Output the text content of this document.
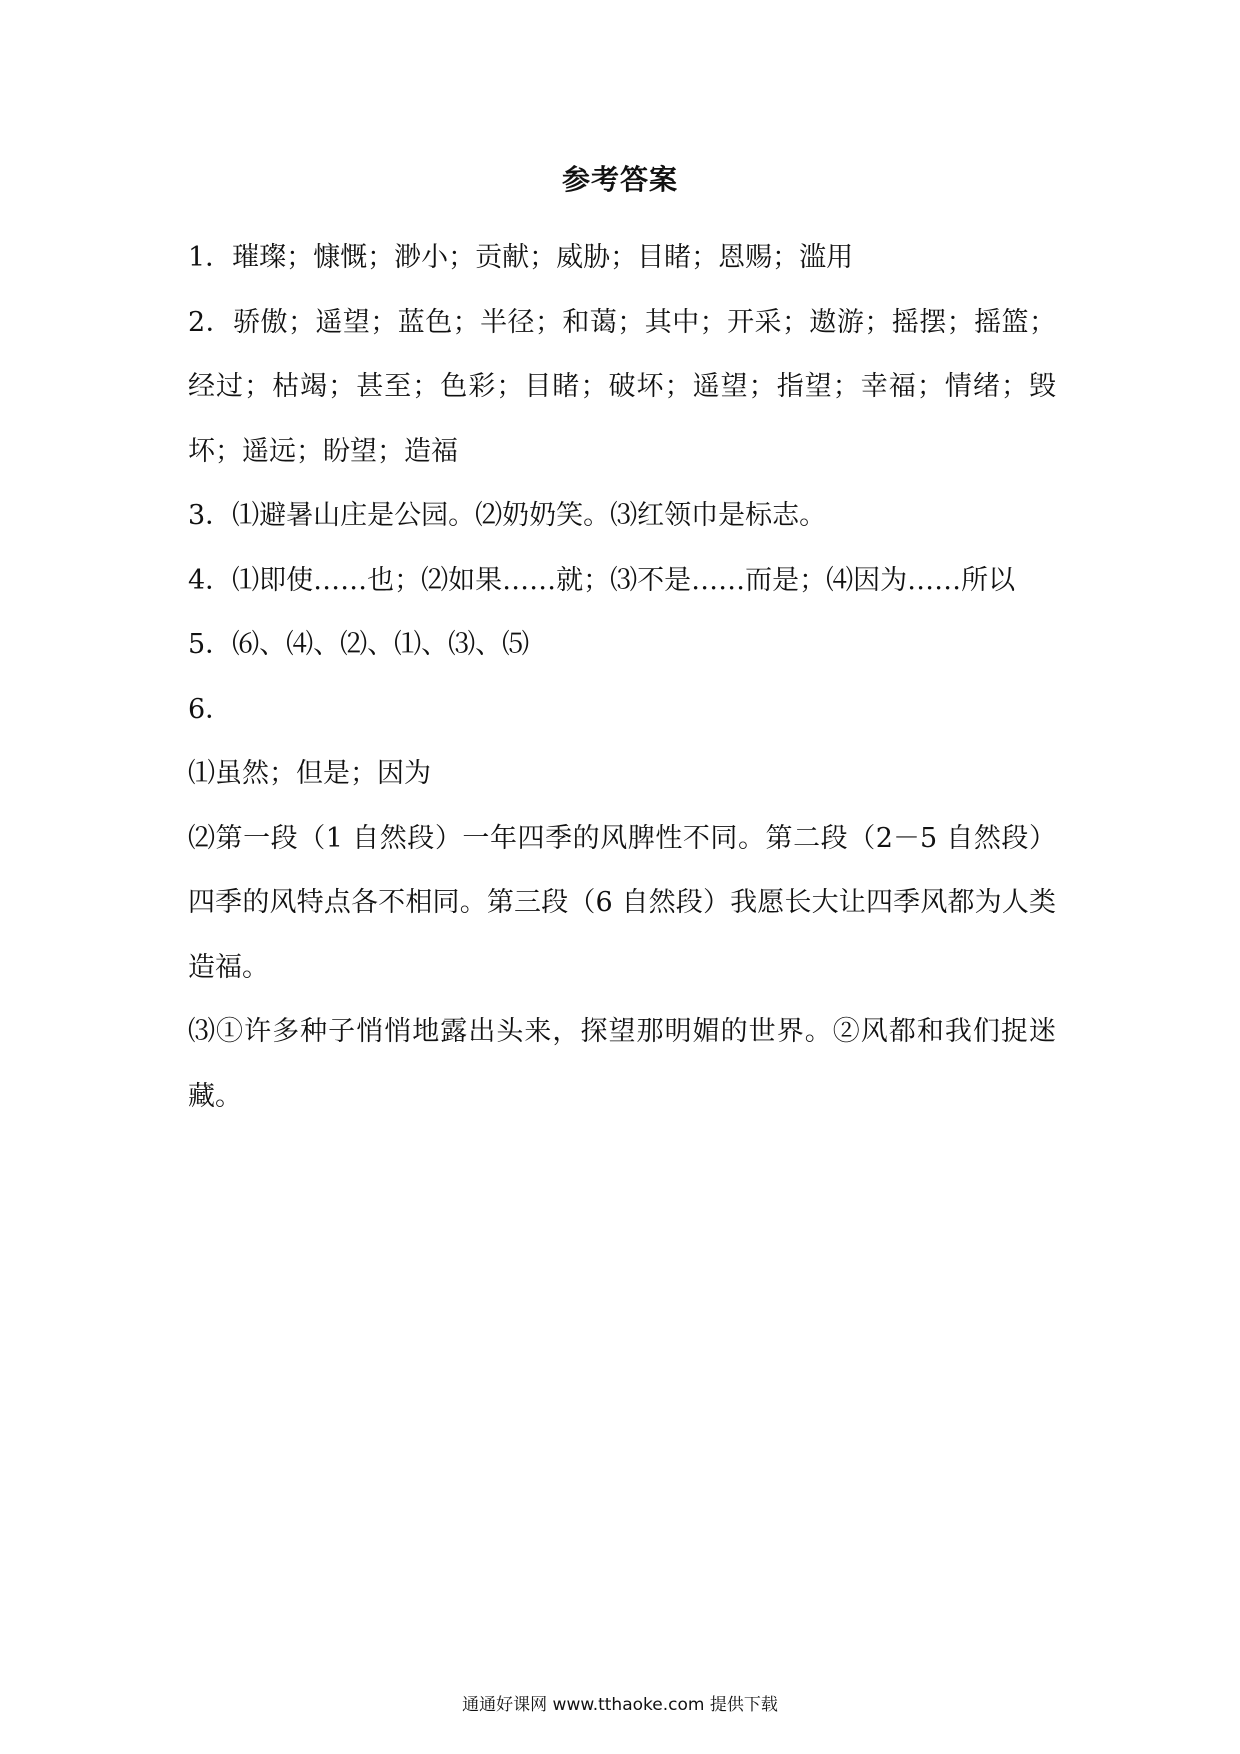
参考答案

1．璀璨；慷慨；渺小；贡献；威胁；目睹；恩赐；滥用

2．骄傲；遥望；蓝色；半径；和蔼；其中；开采；遨游；摇摆；摇篮；经过；枯竭；甚至；色彩；目睹；破坏；遥望；指望；幸福；情绪；毁坏；遥远；盼望；造福

3．⑴避暑山庄是公园。⑵奶奶笑。⑶红领巾是标志。

4．⑴即使……也；⑵如果……就；⑶不是……而是；⑷因为……所以

5．⑹、⑷、⑵、⑴、⑶、⑸

6．

⑴虽然；但是；因为

⑵第一段（1 自然段）一年四季的风脾性不同。第二段（2－5 自然段）四季的风特点各不相同。第三段（6 自然段）我愿长大让四季风都为人类造福。

⑶①许多种子悄悄地露出头来，探望那明媚的世界。②风都和我们捉迷藏。

通通好课网 www.tthaoke.com 提供下载
